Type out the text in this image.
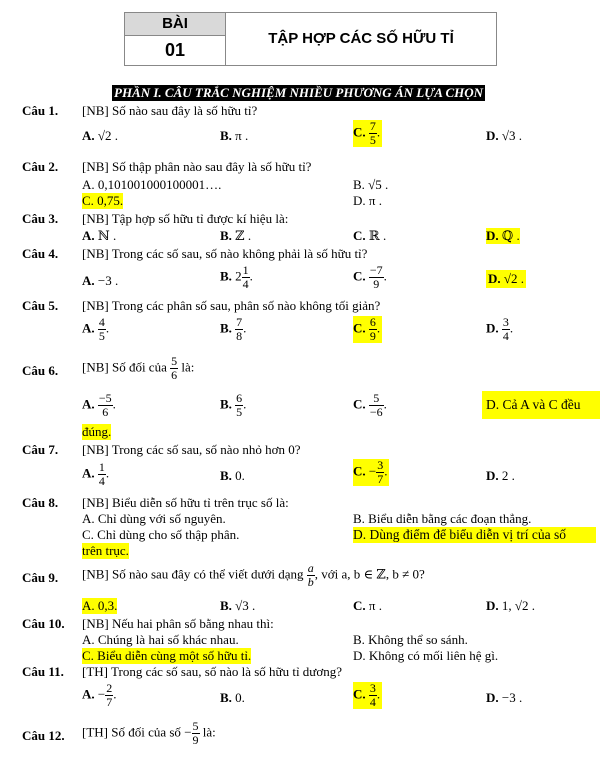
BÀI
01
TẬP HỢP CÁC SỐ HỮU TỈ
PHẦN I. CÂU TRẮC NGHIỆM NHIỀU PHƯƠNG ÁN LỰA CHỌN
Câu 1. [NB] Số nào sau đây là số hữu tỉ?
A. √2 .	B. π .	C. $\frac{7}{5}$ .	D. √3 .
Câu 2. [NB] Số thập phân nào sau đây là số hữu tỉ?
A. 0,101001000100001….	B. √5 .
C. 0,75.	D. π .
Câu 3. [NB] Tập hợp số hữu tỉ được kí hiệu là:
A. ℕ .	B. ℤ .	C. ℝ .	D. ℚ .
Câu 4. [NB] Trong các số sau, số nào không phải là số hữu tỉ?
A. −3 .	B. $2 \frac{1}{4}$ .	C. $\frac{-7}{9}$ .	D. √2 .
Câu 5. [NB] Trong các phân số sau, phân số nào không tối giản?
A. $\frac{4}{5}$ .	B. $\frac{7}{8}$ .	C. $\frac{6}{9}$ .	D. $\frac{3}{4}$ .
Câu 6. [NB] Số đối của $\frac{5}{6}$ là:
A. $\frac{-5}{6}$ .	B. $\frac{6}{5}$ .	C. $\frac{5}{-6}$ .	D. Cả A và C đều
đúng.
Câu 7. [NB] Trong các số sau, số nào nhỏ hơn 0?
A. $\frac{1}{4}$ .	B. 0.	C. − $\frac{3}{7}$ .	D. 2 .
Câu 8. [NB] Biểu diễn số hữu tỉ trên trục số là:
A. Chỉ dùng với số nguyên.	B. Biểu diễn bằng các đoạn thẳng.
C. Chỉ dùng cho số thập phân.	D. Dùng điểm để biểu diễn vị trí của số
trên trục.
Câu 9. [NB] Số nào sau đây có thể viết dưới dạng $\frac{a}{b}$ , với a, b ∈ ℤ, b ≠ 0?
A. 0,3.	B. √3 .	C. π .	D. 1, √2 .
Câu 10. [NB] Nếu hai phân số bằng nhau thì:
A. Chúng là hai số khác nhau.	B. Không thể so sánh.
C. Biểu diễn cùng một số hữu tỉ.	D. Không có mối liên hệ gì.
Câu 11. [TH] Trong các số sau, số nào là số hữu tỉ dương?
A. − $\frac{2}{7}$ .	B. 0.	C. $\frac{3}{4}$ .	D. −3 .
Câu 12. [TH] Số đối của số − $\frac{5}{9}$ là:
